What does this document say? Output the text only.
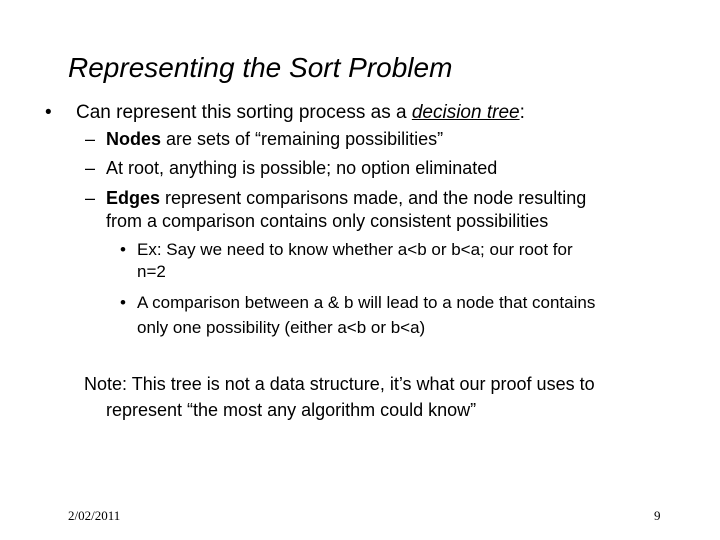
Representing the Sort Problem
• Can represent this sorting process as a decision tree:
– Nodes are sets of “remaining possibilities”
– At root, anything is possible; no option eliminated
– Edges represent comparisons made, and the node resulting
from a comparison contains only consistent possibilities
• Ex: Say we need to know whether a<b or b<a; our root for
n=2
• A comparison between a & b will lead to a node that contains
only one possibility (either a<b or b<a)
Note: This tree is not a data structure, it’s what our proof uses to
represent “the most any algorithm could know”
2/02/2011	9
